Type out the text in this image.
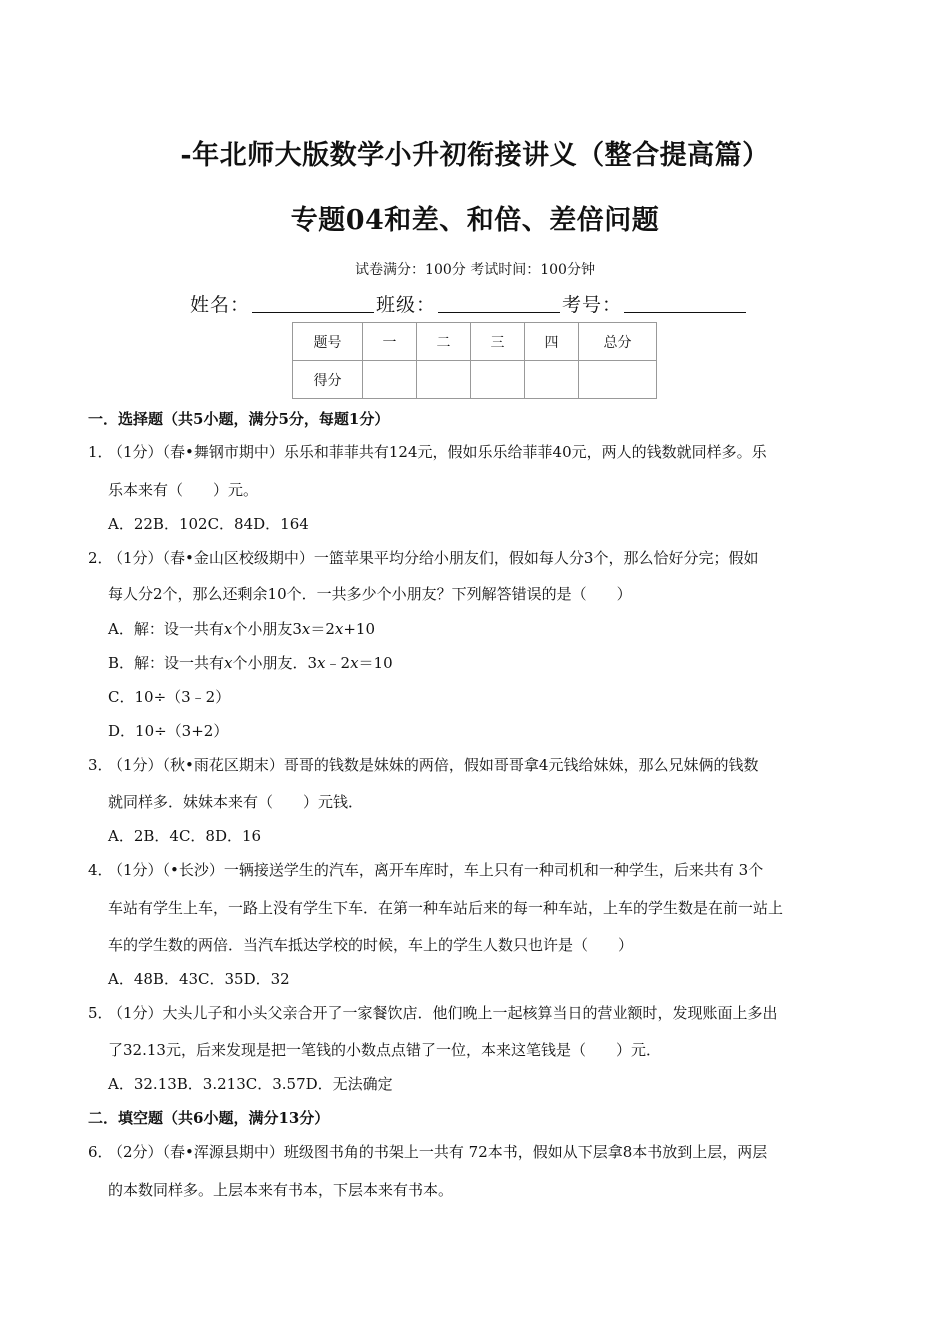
-年北师大版数学小升初衔接讲义（整合提高篇）
专题04和差、和倍、差倍问题
试卷满分：100分 考试时间：100分钟
姓名：	班级：	考号：
题号	一	二	三	四	总分
得分					
一．选择题（共5小题，满分5分，每题1分）
1．（1分）（春•舞钢市期中）乐乐和菲菲共有124元，假如乐乐给菲菲40元，两人的钱数就同样多。乐
乐本来有（　　）元。
A．22B．102C．84D．164
2．（1分）（春•金山区校级期中）一篮苹果平均分给小朋友们，假如每人分3个，那么恰好分完；假如
每人分2个，那么还剩余10个．一共多少个小朋友？下列解答错误的是（　　）
A．解：设一共有x个小朋友3x＝2x+10
B．解：设一共有x个小朋友．3x﹣2x＝10
C．10÷（3﹣2）
D．10÷（3+2）
3．（1分）（秋•雨花区期末）哥哥的钱数是妹妹的两倍，假如哥哥拿4元钱给妹妹，那么兄妹俩的钱数
就同样多．妹妹本来有（　　）元钱．
A．2B．4C．8D．16
4．（1分）（•长沙）一辆接送学生的汽车，离开车库时，车上只有一种司机和一种学生，后来共有 3个
车站有学生上车，一路上没有学生下车．在第一种车站后来的每一种车站，上车的学生数是在前一站上
车的学生数的两倍．当汽车抵达学校的时候，车上的学生人数只也许是（　　）
A．48B．43C．35D．32
5．（1分）大头儿子和小头父亲合开了一家餐饮店．他们晚上一起核算当日的营业额时，发现账面上多出
了32.13元，后来发现是把一笔钱的小数点点错了一位，本来这笔钱是（　　）元．
A．32.13B．3.213C．3.57D．无法确定
二．填空题（共6小题，满分13分）
6．（2分）（春•浑源县期中）班级图书角的书架上一共有 72本书，假如从下层拿8本书放到上层，两层
的本数同样多。上层本来有书本，下层本来有书本。
